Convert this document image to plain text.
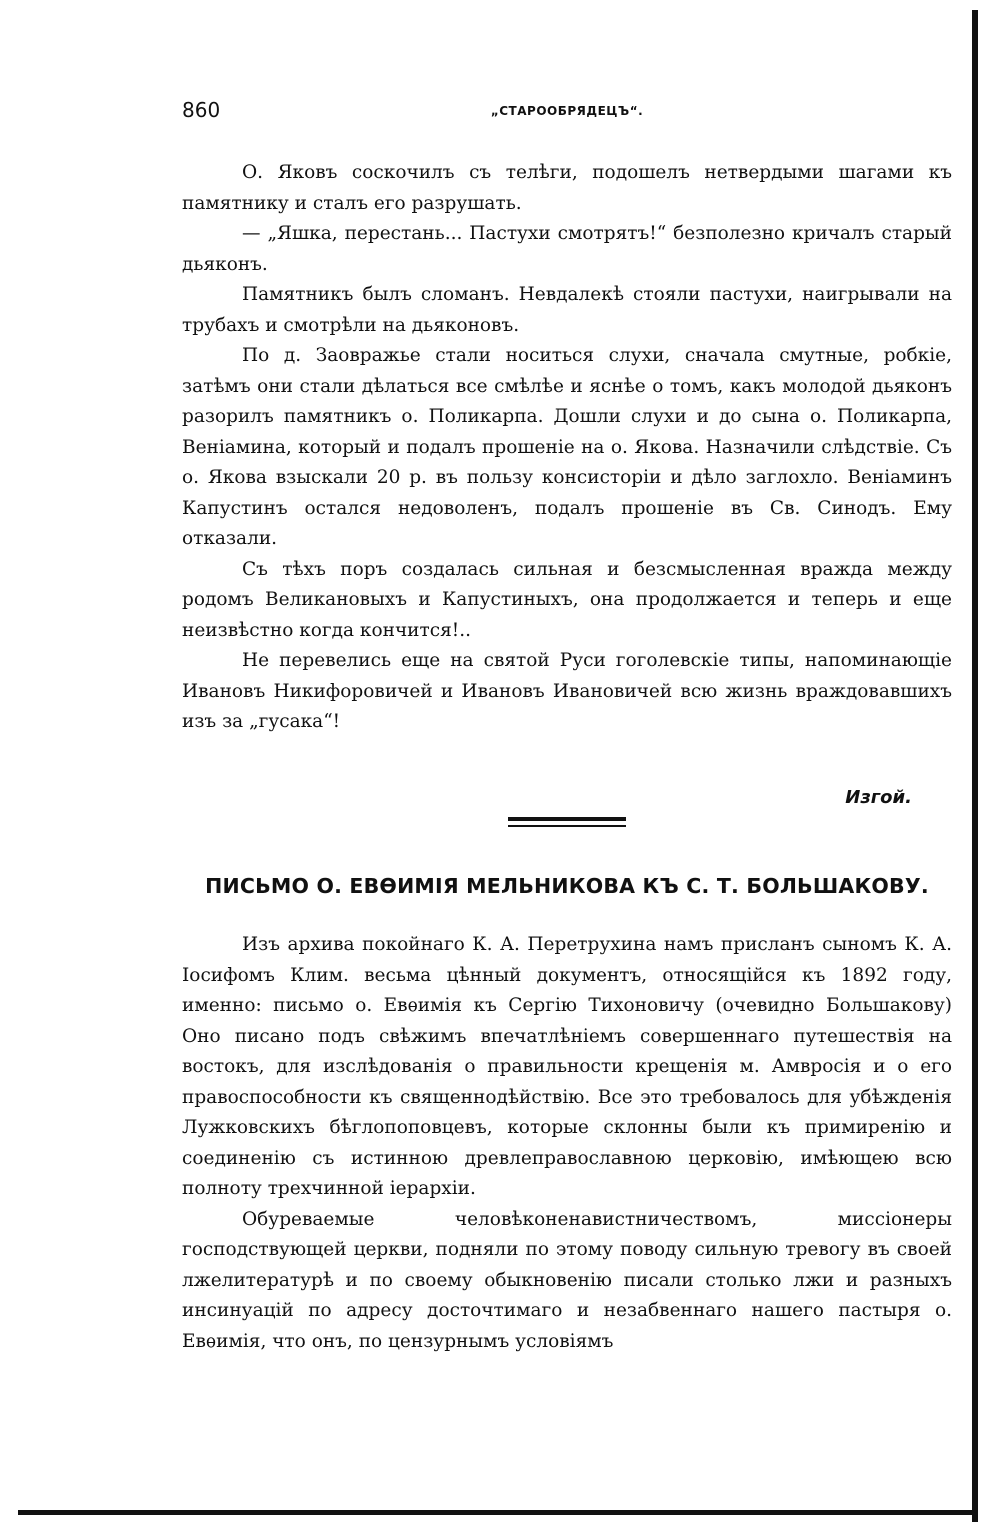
860	„СТАРООБРЯДЕЦЪ“.

О. Яковъ соскочилъ съ телѣги, подошелъ нетвердыми шагами къ памятнику и сталъ его разрушать.

— „Яшка, перестань... Пастухи смотрятъ!“ безполезно кричалъ старый дьяконъ.

Памятникъ былъ сломанъ. Невдалекѣ стояли пастухи, наигрывали на трубахъ и смотрѣли на дьяконовъ.

По д. Заовражье стали носиться слухи, сначала смутные, робкіе, затѣмъ они стали дѣлаться все смѣлѣе и яснѣе о томъ, какъ молодой дьяконъ разорилъ памятникъ о. Поликарпа. Дошли слухи и до сына о. Поликарпа, Веніамина, который и подалъ прошеніе на о. Якова. Назначили слѣдствіе. Съ о. Якова взыскали 20 р. въ пользу консисторіи и дѣло заглохло. Веніаминъ Капустинъ остался недоволенъ, подалъ прошеніе въ Св. Синодъ. Ему отказали.

Съ тѣхъ поръ создалась сильная и безсмысленная вражда между родомъ Великановыхъ и Капустиныхъ, она продолжается и теперь и еще неизвѣстно когда кончится!..

Не перевелись еще на святой Руси гоголевскіе типы, напоминающіе Ивановъ Никифоровичей и Ивановъ Ивановичей всю жизнь враждовавшихъ изъ за „гусака“!

Изгой.
ПИСЬМО О. ЕВѲИМІЯ МЕЛЬНИКОВА КЪ С. Т. БОЛЬШАКОВУ.

Изъ архива покойнаго К. А. Перетрухина намъ присланъ сыномъ К. А. Іосифомъ Клим. весьма цѣнный документъ, относящійся къ 1892 году, именно: письмо о. Евѳимія къ Сергію Тихоновичу (очевидно Большакову) Оно писано подъ свѣжимъ впечатлѣніемъ совершеннаго путешествія на востокъ, для изслѣдованія о правильности крещенія м. Амвросія и о его правоспособности къ священнодѣйствію. Все это требовалось для убѣжденія Лужковскихъ бѣглопоповцевъ, которые склонны были къ примиренію и соединенію съ истинною древлеправославною церковію, имѣющею всю полноту трехчинной іерархіи.

Обуреваемые человѣконенавистничествомъ, миссіонеры господствующей церкви, подняли по этому поводу сильную тревогу въ своей лжелитературѣ и по своему обыкновенію писали столько лжи и разныхъ инсинуацій по адресу досточтимаго и незабвеннаго нашего пастыря о. Евѳимія, что онъ, по цензурнымъ условіямъ
